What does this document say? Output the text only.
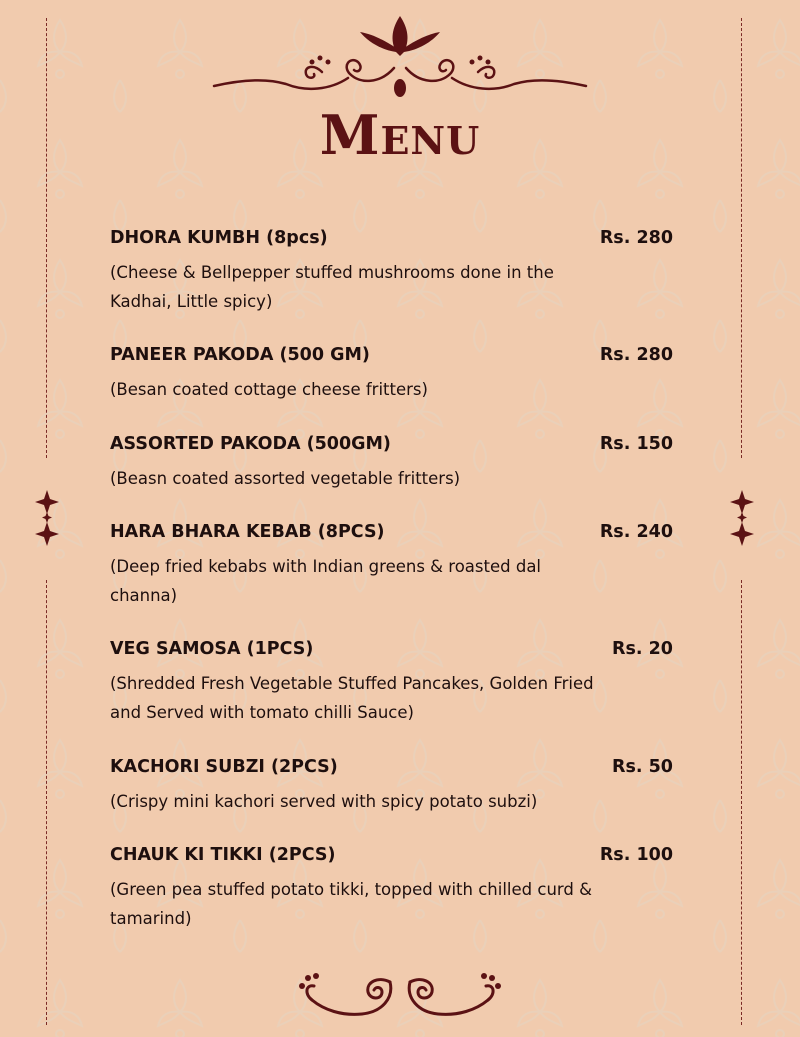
Menu
DHORA KUMBH (8pcs)	Rs. 280
(Cheese & Bellpepper stuffed mushrooms done in the Kadhai, Little spicy)
PANEER PAKODA (500 GM)	Rs. 280
(Besan coated cottage cheese fritters)
ASSORTED PAKODA (500GM)	Rs. 150
(Beasn coated assorted vegetable fritters)
HARA BHARA KEBAB (8PCS)	Rs. 240
(Deep fried kebabs with Indian greens & roasted dal channa)
VEG SAMOSA (1PCS)	Rs. 20
(Shredded Fresh Vegetable Stuffed Pancakes, Golden Fried and Served with tomato chilli Sauce)
KACHORI SUBZI (2PCS)	Rs. 50
(Crispy mini kachori served with spicy potato subzi)
CHAUK KI TIKKI (2PCS)	Rs. 100
(Green pea stuffed potato tikki, topped with chilled curd & tamarind)
